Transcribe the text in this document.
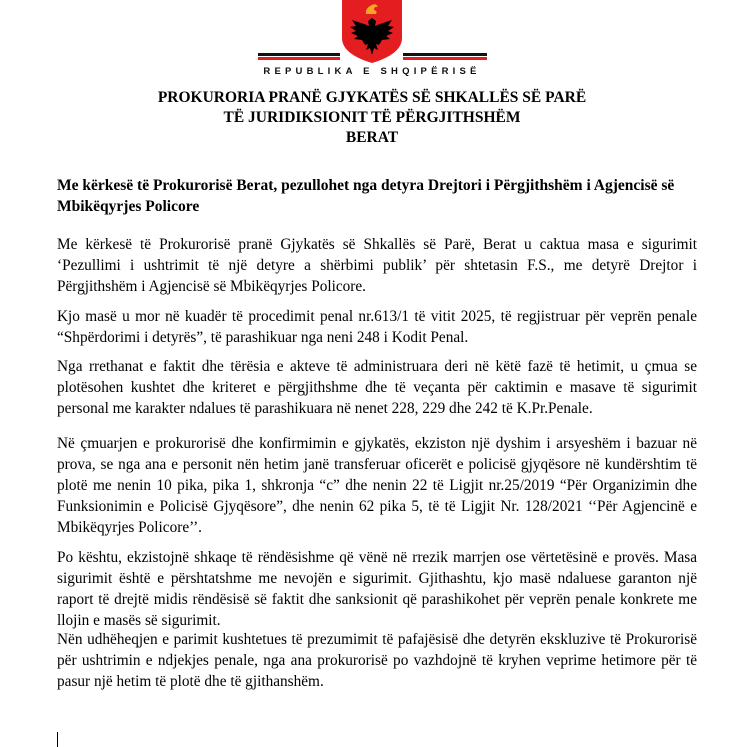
REPUBLIKA E SHQIPËRISË
PROKURORIA PRANË GJYKATËS SË SHKALLËS SË PARË
TË JURIDIKSIONIT TË PËRGJITHSHËM
BERAT
Me kërkesë të Prokurorisë Berat, pezullohet nga detyra Drejtori i Përgjithshëm i Agjencisë së Mbikëqyrjes Policore
Me kërkesë të Prokurorisë pranë Gjykatës së Shkallës së Parë, Berat u caktua masa e sigurimit ‘Pezullimi i ushtrimit të një detyre a shërbimi publik’ për shtetasin F.S., me detyrë Drejtor i Përgjithshëm i Agjencisë së Mbikëqyrjes Policore.
Kjo masë u mor në kuadër të procedimit penal nr.613/1 të vitit 2025, të regjistruar për veprën penale “Shpërdorimi i detyrës”, të parashikuar nga neni 248 i Kodit Penal.
Nga rrethanat e faktit dhe tërësia e akteve të administruara deri në këtë fazë të hetimit, u çmua se plotësohen kushtet dhe kriteret e përgjithshme dhe të veçanta për caktimin e masave të sigurimit personal me karakter ndalues të parashikuara në nenet 228, 229 dhe 242 të K.Pr.Penale.
Në çmuarjen e prokurorisë dhe konfirmimin e gjykatës, ekziston një dyshim i arsyeshëm i bazuar në prova, se nga ana e personit nën hetim janë transferuar oficerët e policisë gjyqësore në kundërshtim të plotë me nenin 10 pika, pika 1, shkronja “c” dhe nenin 22 të Ligjit nr.25/2019 “Për Organizimin dhe Funksionimin e Policisë Gjyqësore”, dhe nenin 62 pika 5, të të Ligjit Nr. 128/2021 ‘‘Për Agjencinë e Mbikëqyrjes Policore’’.
Po kështu, ekzistojnë shkaqe të rëndësishme që vënë në rrezik marrjen ose vërtetësinë e provës. Masa sigurimit është e përshtatshme me nevojën e sigurimit. Gjithashtu, kjo masë ndaluese garanton një raport të drejtë midis rëndësisë së faktit dhe sanksionit që parashikohet për veprën penale konkrete me llojin e masës së sigurimit.
Nën udhëheqjen e parimit kushtetues të prezumimit të pafajësisë dhe detyrën ekskluzive të Prokurorisë për ushtrimin e ndjekjes penale, nga ana prokurorisë po vazhdojnë të kryhen veprime hetimore për të pasur një hetim të plotë dhe të gjithanshëm.
